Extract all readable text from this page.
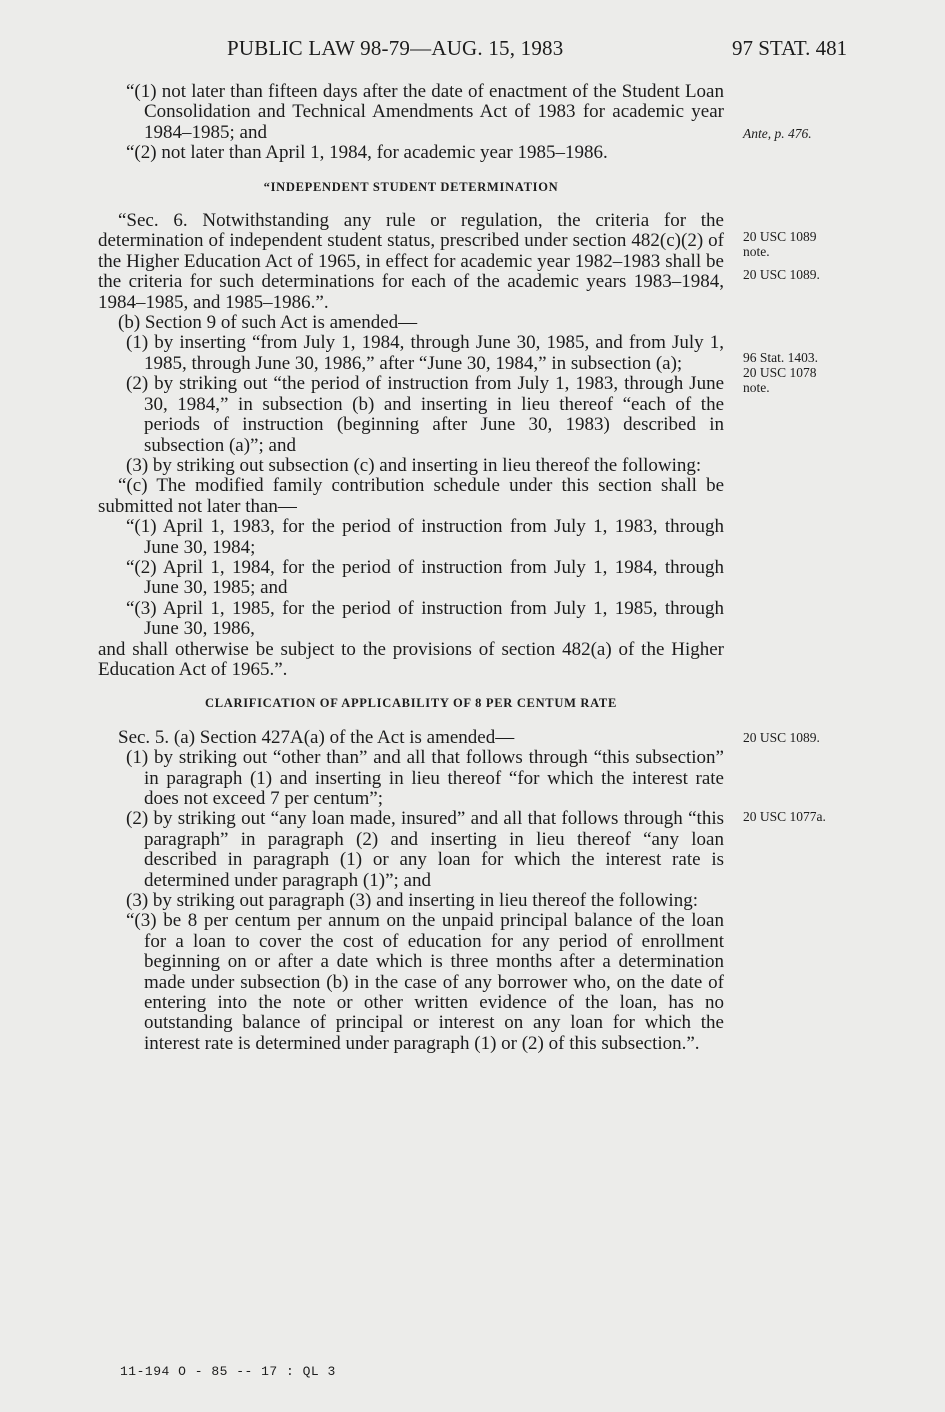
PUBLIC LAW 98-79—AUG. 15, 1983	97 STAT. 481

“(1) not later than fifteen days after the date of enactment of the Student Loan Consolidation and Technical Amendments Act of 1983 for academic year 1984–1985; and

“(2) not later than April 1, 1984, for academic year 1985–1986.

“INDEPENDENT STUDENT DETERMINATION

“Sec. 6. Notwithstanding any rule or regulation, the criteria for the determination of independent student status, prescribed under section 482(c)(2) of the Higher Education Act of 1965, in effect for academic year 1982–1983 shall be the criteria for such determinations for each of the academic years 1983–1984, 1984–1985, and 1985–1986.”.

(b) Section 9 of such Act is amended—

(1) by inserting “from July 1, 1984, through June 30, 1985, and from July 1, 1985, through June 30, 1986,” after “June 30, 1984,” in subsection (a);

(2) by striking out “the period of instruction from July 1, 1983, through June 30, 1984,” in subsection (b) and inserting in lieu thereof “each of the periods of instruction (beginning after June 30, 1983) described in subsection (a)”; and

(3) by striking out subsection (c) and inserting in lieu thereof the following:

“(c) The modified family contribution schedule under this section shall be submitted not later than—

“(1) April 1, 1983, for the period of instruction from July 1, 1983, through June 30, 1984;

“(2) April 1, 1984, for the period of instruction from July 1, 1984, through June 30, 1985; and

“(3) April 1, 1985, for the period of instruction from July 1, 1985, through June 30, 1986,

and shall otherwise be subject to the provisions of section 482(a) of the Higher Education Act of 1965.”.

CLARIFICATION OF APPLICABILITY OF 8 PER CENTUM RATE

Sec. 5. (a) Section 427A(a) of the Act is amended—

(1) by striking out “other than” and all that follows through “this subsection” in paragraph (1) and inserting in lieu thereof “for which the interest rate does not exceed 7 per centum”;

(2) by striking out “any loan made, insured” and all that follows through “this paragraph” in paragraph (2) and inserting in lieu thereof “any loan described in paragraph (1) or any loan for which the interest rate is determined under paragraph (1)”; and

(3) by striking out paragraph (3) and inserting in lieu thereof the following:

“(3) be 8 per centum per annum on the unpaid principal balance of the loan for a loan to cover the cost of education for any period of enrollment beginning on or after a date which is three months after a determination made under subsection (b) in the case of any borrower who, on the date of entering into the note or other written evidence of the loan, has no outstanding balance of principal or interest on any loan for which the interest rate is determined under paragraph (1) or (2) of this subsection.”.

Ante, p. 476.
20 USC 1089
note.
20 USC 1089.
96 Stat. 1403.
20 USC 1078
note.
20 USC 1089.
20 USC 1077a.
11-194 O - 85 -- 17 : QL 3
